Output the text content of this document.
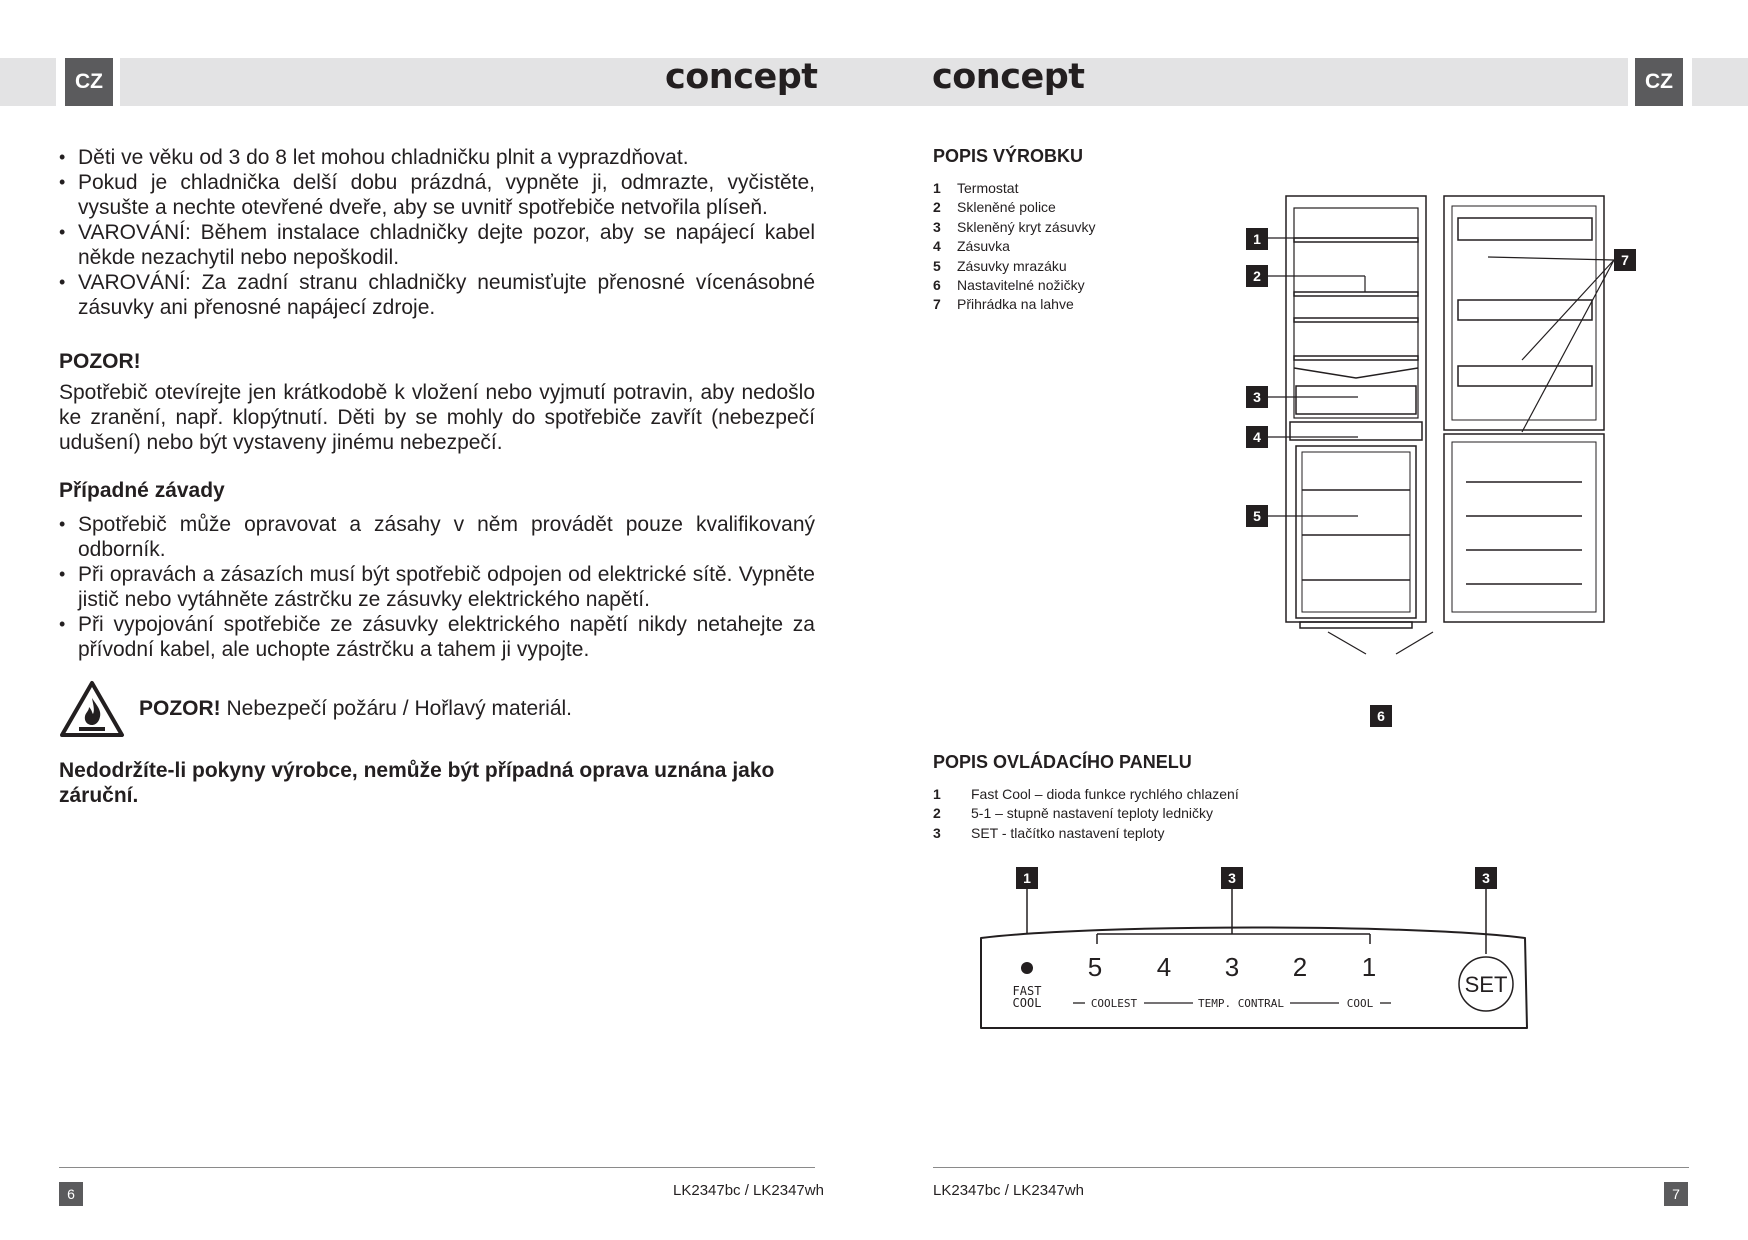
CZ	CZ
concept	concept
• Děti ve věku od 3 do 8 let mohou chladničku plnit a vyprazdňovat.
• Pokud je chladnička delší dobu prázdná, vypněte ji, odmrazte, vyčistěte, vysušte a nechte otevřené dveře, aby se uvnitř spotřebiče netvořila plíseň.
• VAROVÁNÍ: Během instalace chladničky dejte pozor, aby se napájecí kabel někde nezachytil nebo nepoškodil.
• VAROVÁNÍ: Za zadní stranu chladničky neumisťujte přenosné vícenásobné zásuvky ani přenosné napájecí zdroje.
POZOR!

Spotřebič otevírejte jen krátkodobě k vložení nebo vyjmutí potravin, aby nedošlo ke zranění, např. klopýtnutí. Děti by se mohly do spotřebiče zavřít (nebezpečí udušení) nebo být vystaveny jinému nebezpečí.

Případné závady
• Spotřebič může opravovat a zásahy v něm provádět pouze kvalifikovaný odborník.
• Při opravách a zásazích musí být spotřebič odpojen od elektrické sítě. Vypněte jistič nebo vytáhněte zástrčku ze zásuvky elektrického napětí.
• Při vypojování spotřebiče ze zásuvky elektrického napětí nikdy netahejte za přívodní kabel, ale uchopte zástrčku a tahem ji vypojte.
POZOR! Nebezpečí požáru / Hořlavý materiál.
Nedodržíte-li pokyny výrobce, nemůže být případná oprava uznána jako záruční.
POPIS VÝROBKU
1	Termostat
2	Skleněné police
3	Skleněný kryt zásuvky
4	Zásuvka
5	Zásuvky mrazáku
6	Nastavitelné nožičky
7	Přihrádka na lahve
1
2
3
4
5
6
7
POPIS OVLÁDACÍHO PANELU
1	Fast Cool – dioda funkce rychlého chlazení
2	5-1 – stupně nastavení teploty ledničky
3	SET - tlačítko nastavení teploty
1	3	3
5 4 3 2 1
FAST
COOL	COOLEST	TEMP. CONTRAL	COOL
SET
6	7
LK2347bc / LK2347wh	LK2347bc / LK2347wh
